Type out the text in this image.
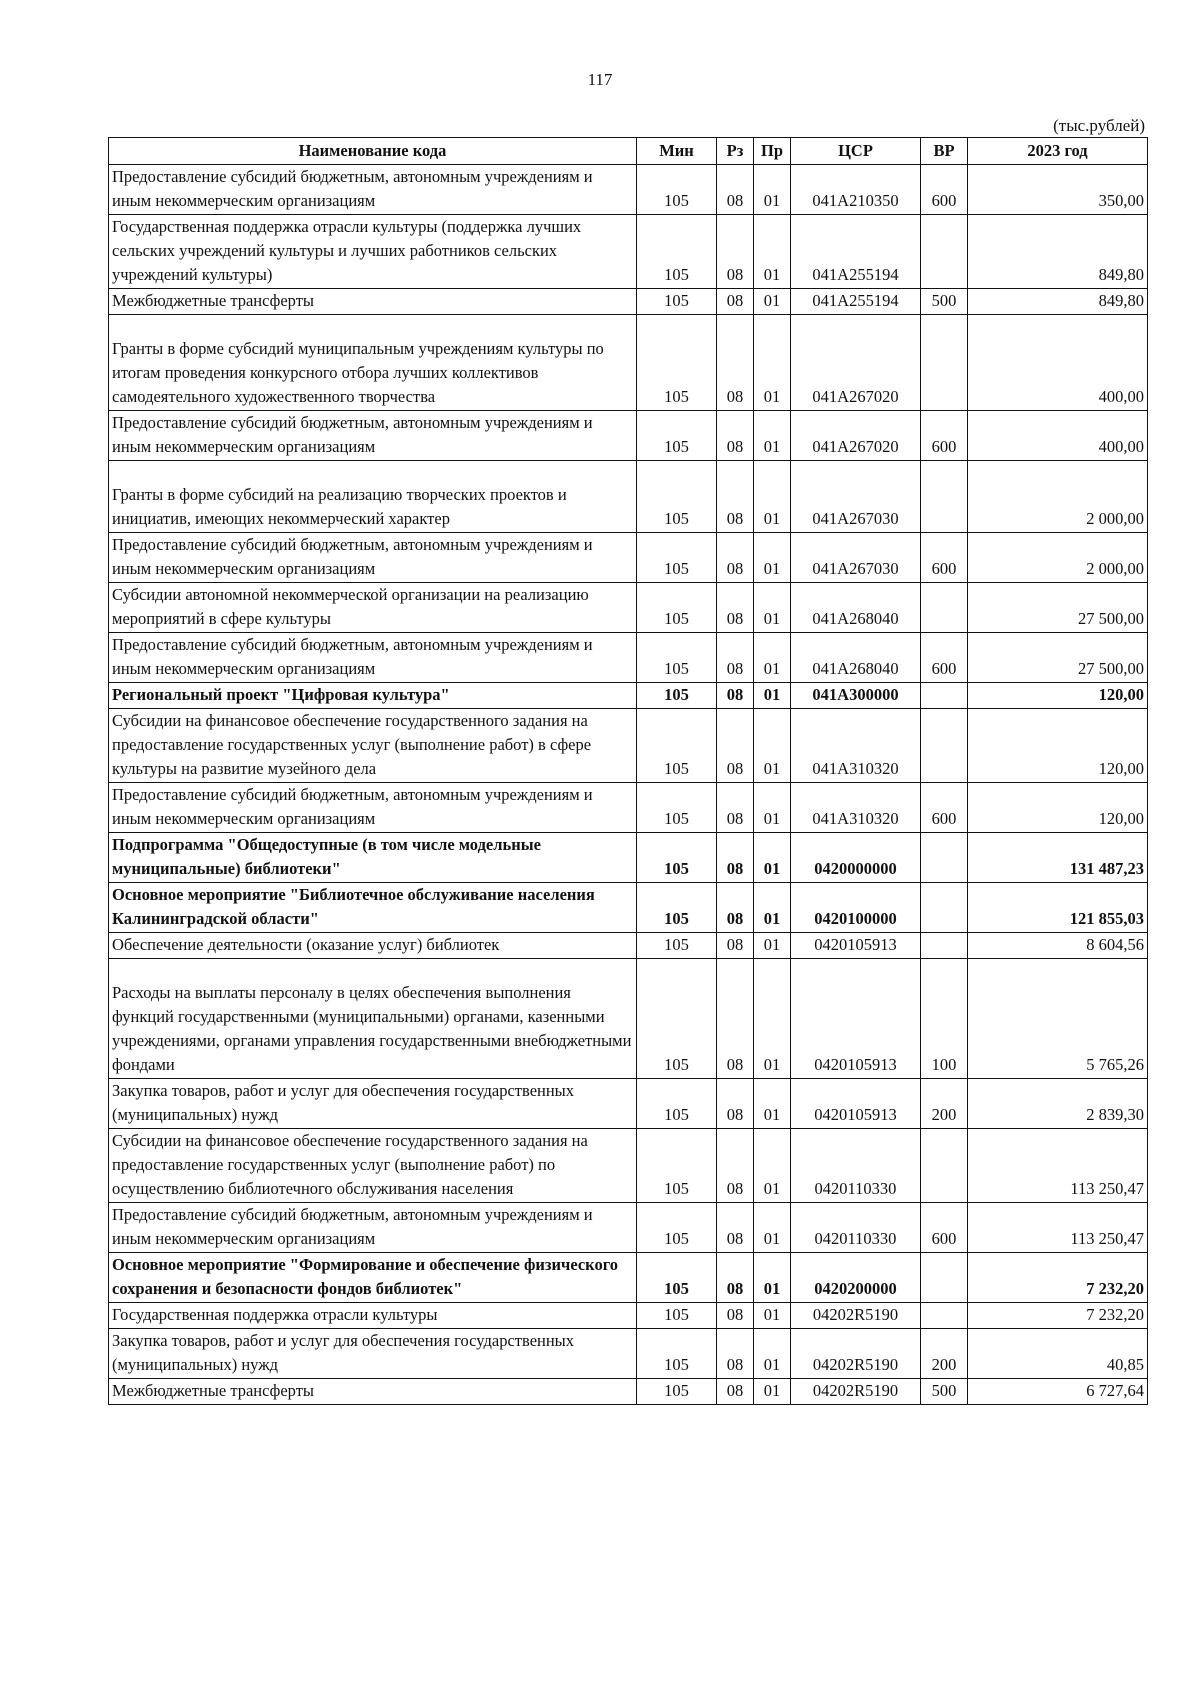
117
(тыс.рублей)
Наименование кода	Мин	Рз	Пр	ЦСР	ВР	2023 год
Предоставление субсидий бюджетным, автономным учреждениям и иным некоммерческим организациям	105	08	01	041A210350	600	350,00
Государственная поддержка отрасли культуры (поддержка лучших сельских учреждений культуры и лучших работников сельских учреждений культуры)	105	08	01	041A255194		849,80
Межбюджетные трансферты	105	08	01	041A255194	500	849,80

Гранты в форме субсидий муниципальным учреждениям культуры по итогам проведения конкурсного отбора лучших коллективов самодеятельного художественного творчества	105	08	01	041A267020		400,00
Предоставление субсидий бюджетным, автономным учреждениям и иным некоммерческим организациям	105	08	01	041A267020	600	400,00

Гранты в форме субсидий на реализацию творческих проектов и инициатив, имеющих некоммерческий характер	105	08	01	041A267030		2 000,00
Предоставление субсидий бюджетным, автономным учреждениям и иным некоммерческим организациям	105	08	01	041A267030	600	2 000,00
Субсидии автономной некоммерческой организации на реализацию мероприятий в сфере культуры	105	08	01	041A268040		27 500,00
Предоставление субсидий бюджетным, автономным учреждениям и иным некоммерческим организациям	105	08	01	041A268040	600	27 500,00
Региональный проект "Цифровая культура"	105	08	01	041A300000		120,00
Субсидии на финансовое обеспечение государственного задания на предоставление государственных услуг (выполнение работ) в сфере культуры на развитие музейного дела	105	08	01	041A310320		120,00
Предоставление субсидий бюджетным, автономным учреждениям и иным некоммерческим организациям	105	08	01	041A310320	600	120,00
Подпрограмма "Общедоступные (в том числе модельные муниципальные) библиотеки"	105	08	01	0420000000		131 487,23
Основное мероприятие "Библиотечное обслуживание населения Калининградской области"	105	08	01	0420100000		121 855,03
Обеспечение деятельности (оказание услуг) библиотек	105	08	01	0420105913		8 604,56

Расходы на выплаты персоналу в целях обеспечения выполнения функций государственными (муниципальными) органами, казенными учреждениями, органами управления государственными внебюджетными фондами	105	08	01	0420105913	100	5 765,26
Закупка товаров, работ и услуг для обеспечения государственных (муниципальных) нужд	105	08	01	0420105913	200	2 839,30
Субсидии на финансовое обеспечение государственного задания на предоставление государственных услуг (выполнение работ) по осуществлению библиотечного обслуживания населения	105	08	01	0420110330		113 250,47
Предоставление субсидий бюджетным, автономным учреждениям и иным некоммерческим организациям	105	08	01	0420110330	600	113 250,47
Основное мероприятие "Формирование и обеспечение физического сохранения и безопасности фондов библиотек"	105	08	01	0420200000		7 232,20
Государственная поддержка отрасли культуры	105	08	01	04202R5190		7 232,20
Закупка товаров, работ и услуг для обеспечения государственных (муниципальных) нужд	105	08	01	04202R5190	200	40,85
Межбюджетные трансферты	105	08	01	04202R5190	500	6 727,64
